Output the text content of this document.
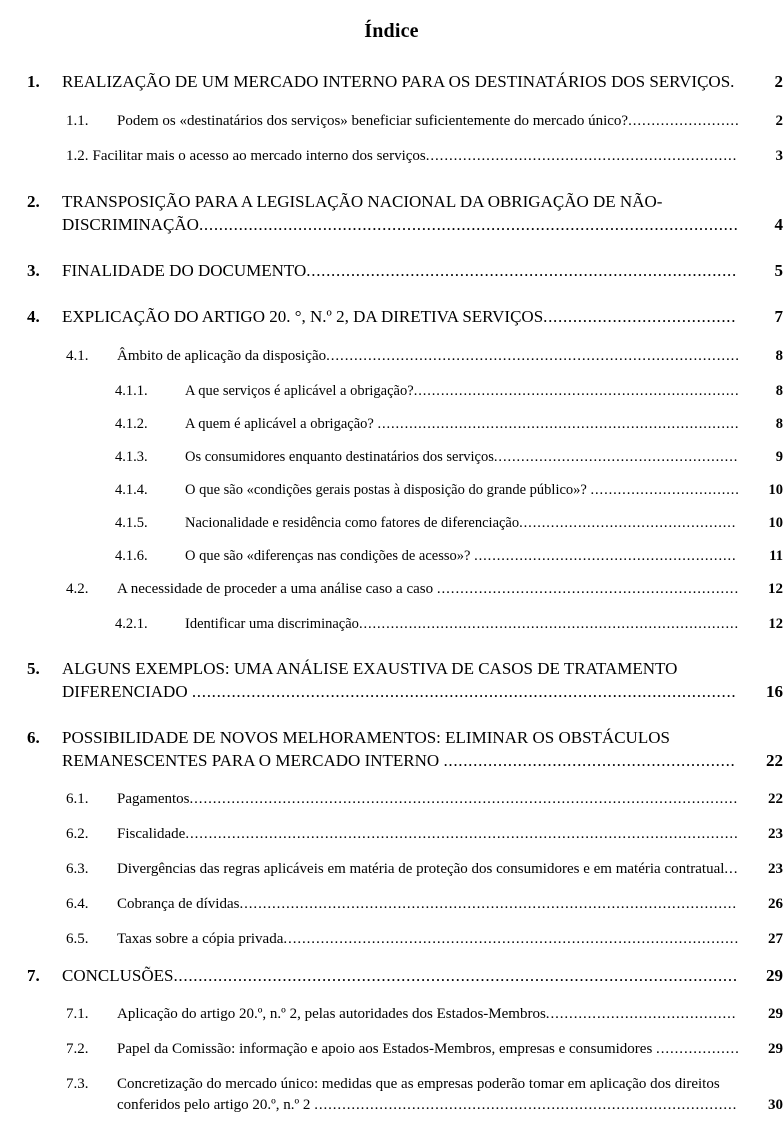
Índice
1.	REALIZAÇÃO DE UM MERCADO INTERNO PARA OS DESTINATÁRIOS DOS SERVIÇOS.	2
1.1.	Podem os «destinatários dos serviços» beneficiar suficientemente do mercado único?........................	2
1.2. Facilitar mais o acesso ao mercado interno dos serviços...................................................................	3
2.	TRANSPOSIÇÃO PARA A LEGISLAÇÃO NACIONAL DA OBRIGAÇÃO DE NÃO-DISCRIMINAÇÃO.............................................................................................................	4
3.	FINALIDADE DO DOCUMENTO.......................................................................................	5
4.	EXPLICAÇÃO DO ARTIGO 20. °, N.º 2, DA DIRETIVA SERVIÇOS.......................................	7
4.1.	Âmbito de aplicação da disposição.........................................................................................	8
4.1.1.	A que serviços é aplicável a obrigação?........................................................................	8
4.1.2.	A quem é aplicável a obrigação? ................................................................................	8
4.1.3.	Os consumidores enquanto destinatários dos serviços......................................................	9
4.1.4.	O que são «condições gerais postas à disposição do grande público»? .................................	10
4.1.5.	Nacionalidade e residência como fatores de diferenciação................................................	10
4.1.6.	O que são «diferenças nas condições de acesso»? ..........................................................	11
4.2.	A necessidade de proceder a uma análise caso a caso .................................................................	12
4.2.1.	Identificar uma discriminação....................................................................................	12
5.	ALGUNS EXEMPLOS: UMA ANÁLISE EXAUSTIVA DE CASOS DE TRATAMENTO DIFERENCIADO ..............................................................................................................	16
6.	POSSIBILIDADE DE NOVOS MELHORAMENTOS: ELIMINAR OS OBSTÁCULOS REMANESCENTES PARA O MERCADO INTERNO ...........................................................	22
6.1.	Pagamentos......................................................................................................................	22
6.2.	Fiscalidade.......................................................................................................................	23
6.3.	Divergências das regras aplicáveis em matéria de proteção dos consumidores e em matéria contratual...	23
6.4.	Cobrança de dívidas...........................................................................................................	26
6.5.	Taxas sobre a cópia privada..................................................................................................	27
7.	CONCLUSÕES..................................................................................................................	29
7.1.	Aplicação do artigo 20.º, n.º 2, pelas autoridades dos Estados-Membros.........................................	29
7.2.	Papel da Comissão: informação e apoio aos Estados-Membros, empresas e consumidores ..................	29
7.3.	Concretização do mercado único: medidas que as empresas poderão tomar em aplicação dos direitos conferidos pelo artigo 20.º, n.º 2 ...........................................................................................	30
